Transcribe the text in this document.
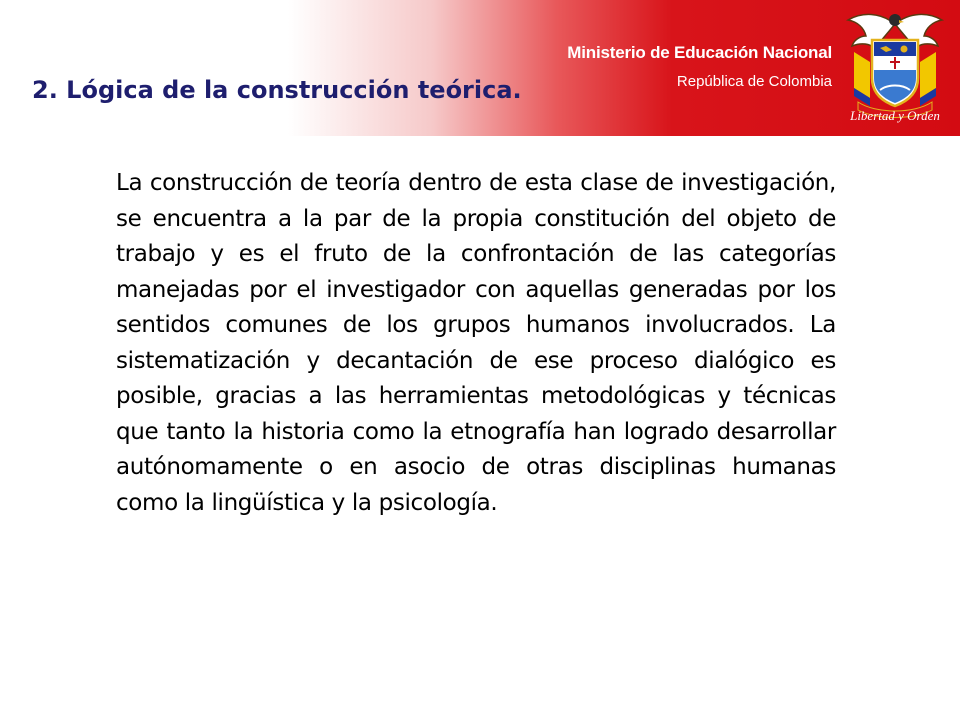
Ministerio de Educación Nacional
República de Colombia
Libertad y Orden
2. Lógica de la construcción teórica.

La construcción de teoría dentro de esta clase de investigación, se encuentra a la par de la propia constitución del objeto de trabajo y es el fruto de la confrontación de las categorías manejadas por el investigador con aquellas generadas por los sentidos comunes de los grupos humanos involucrados. La sistematización y decantación de ese proceso dialógico es posible, gracias a las herramientas metodológicas y técnicas que tanto la historia como la etnografía han logrado desarrollar autónomamente o en asocio de otras disciplinas humanas como la lingüística y la psicología.
